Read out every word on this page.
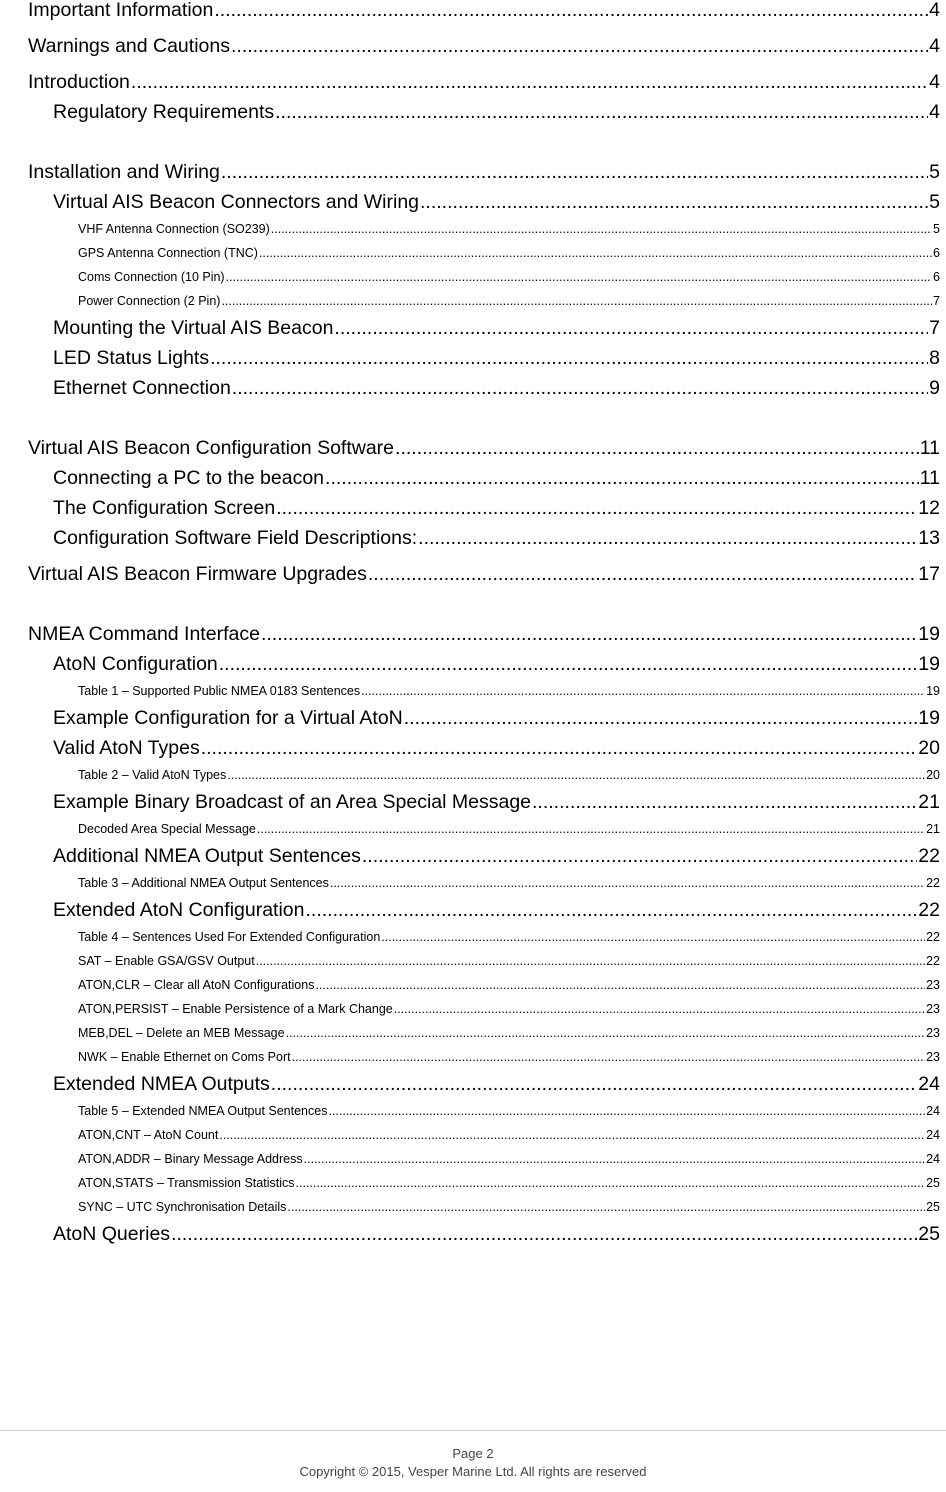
Important Information .....	4
Warnings and Cautions .....	4
Introduction .....	4
Regulatory Requirements .....	4
Installation and Wiring .....	5
Virtual AIS Beacon Connectors and Wiring .....	5
VHF Antenna Connection (SO239) .....	5
GPS Antenna Connection (TNC) .....	6
Coms Connection (10 Pin) .....	6
Power Connection (2 Pin) .....	7
Mounting the Virtual AIS Beacon .....	7
LED Status Lights .....	8
Ethernet Connection .....	9
Virtual AIS Beacon Configuration Software .....	11
Connecting a PC to the beacon .....	11
The Configuration Screen .....	12
Configuration Software Field Descriptions: .....	13
Virtual AIS Beacon Firmware Upgrades .....	17
NMEA Command Interface .....	19
AtoN Configuration .....	19
Table 1 – Supported Public NMEA 0183 Sentences .....	19
Example Configuration for a Virtual AtoN .....	19
Valid AtoN Types .....	20
Table 2 – Valid AtoN Types .....	20
Example Binary Broadcast of an Area Special Message .....	21
Decoded Area Special Message .....	21
Additional NMEA Output Sentences .....	22
Table 3 – Additional NMEA Output Sentences .....	22
Extended AtoN Configuration .....	22
Table 4 – Sentences Used For Extended Configuration .....	22
SAT – Enable GSA/GSV Output .....	22
ATON,CLR – Clear all AtoN Configurations .....	23
ATON,PERSIST – Enable Persistence of a Mark Change .....	23
MEB,DEL – Delete an MEB Message .....	23
NWK – Enable Ethernet on Coms Port .....	23
Extended NMEA Outputs .....	24
Table 5 – Extended NMEA Output Sentences .....	24
ATON,CNT – AtoN Count .....	24
ATON,ADDR – Binary Message Address .....	24
ATON,STATS – Transmission Statistics .....	25
SYNC – UTC Synchronisation Details .....	25
AtoN Queries .....	25
Page 2
Copyright © 2015, Vesper Marine Ltd. All rights are reserved
